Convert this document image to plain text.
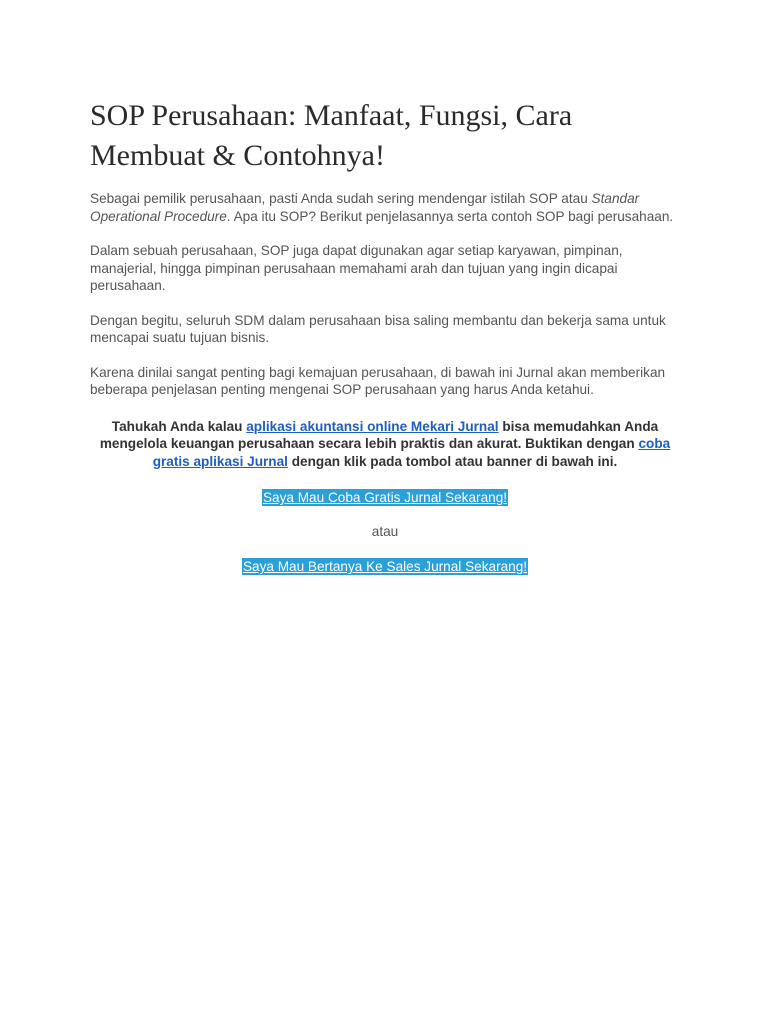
SOP Perusahaan: Manfaat, Fungsi, Cara Membuat & Contohnya!

Sebagai pemilik perusahaan, pasti Anda sudah sering mendengar istilah SOP atau Standar Operational Procedure. Apa itu SOP? Berikut penjelasannya serta contoh SOP bagi perusahaan.

Dalam sebuah perusahaan, SOP juga dapat digunakan agar setiap karyawan, pimpinan, manajerial, hingga pimpinan perusahaan memahami arah dan tujuan yang ingin dicapai perusahaan.

Dengan begitu, seluruh SDM dalam perusahaan bisa saling membantu dan bekerja sama untuk mencapai suatu tujuan bisnis.

Karena dinilai sangat penting bagi kemajuan perusahaan, di bawah ini Jurnal akan memberikan beberapa penjelasan penting mengenai SOP perusahaan yang harus Anda ketahui.

Tahukah Anda kalau aplikasi akuntansi online Mekari Jurnal bisa memudahkan Anda mengelola keuangan perusahaan secara lebih praktis dan akurat. Buktikan dengan coba gratis aplikasi Jurnal dengan klik pada tombol atau banner di bawah ini.

Saya Mau Coba Gratis Jurnal Sekarang!
atau
Saya Mau Bertanya Ke Sales Jurnal Sekarang!
